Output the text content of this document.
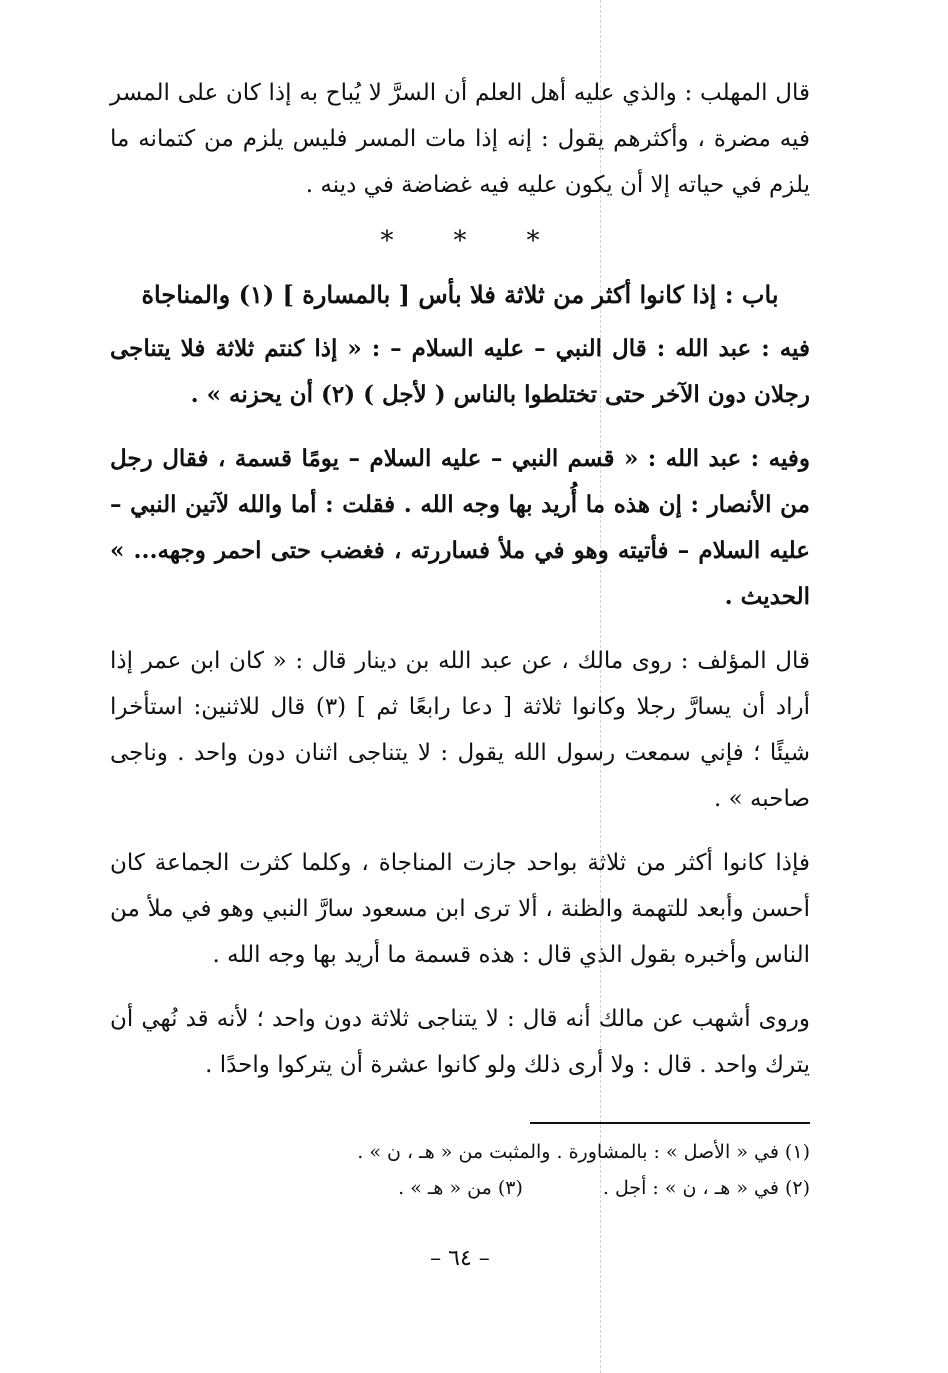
قال المهلب : والذي عليه أهل العلم أن السرَّ لا يُباح به إذا كان على المسر فيه مضرة ، وأكثرهم يقول : إنه إذا مات المسر فليس يلزم من كتمانه ما يلزم في حياته إلا أن يكون عليه فيه غضاضة في دينه .

***
باب : إذا كانوا أكثر من ثلاثة فلا بأس [ بالمسارة ] (١) والمناجاة

فيه : عبد الله : قال النبي – عليه السلام – : « إذا كنتم ثلاثة فلا يتناجى رجلان دون الآخر حتى تختلطوا بالناس ( لأجل ) (٢) أن يحزنه » .

وفيه : عبد الله : « قسم النبي – عليه السلام – يومًا قسمة ، فقال رجل من الأنصار : إن هذه ما أُريد بها وجه الله . فقلت : أما والله لآتين النبي – عليه السلام – فأتيته وهو في ملأ فساررته ، فغضب حتى احمر وجهه... » الحديث .

قال المؤلف : روى مالك ، عن عبد الله بن دينار قال : « كان ابن عمر إذا أراد أن يسارَّ رجلا وكانوا ثلاثة [ دعا رابعًا ثم ] (٣) قال للاثنين: استأخرا شيئًا ؛ فإني سمعت رسول الله يقول : لا يتناجى اثنان دون واحد . وناجى صاحبه » .

فإذا كانوا أكثر من ثلاثة بواحد جازت المناجاة ، وكلما كثرت الجماعة كان أحسن وأبعد للتهمة والظنة ، ألا ترى ابن مسعود سارَّ النبي وهو في ملأ من الناس وأخبره بقول الذي قال : هذه قسمة ما أريد بها وجه الله .

وروى أشهب عن مالك أنه قال : لا يتناجى ثلاثة دون واحد ؛ لأنه قد نُهي أن يترك واحد . قال : ولا أرى ذلك ولو كانوا عشرة أن يتركوا واحدًا .

(١) في « الأصل » : بالمشاورة . والمثبت من « هـ ، ن » .
(٢) في « هـ ، ن » : أجل .
(٣) من « هـ » .
– ٦٤ –
